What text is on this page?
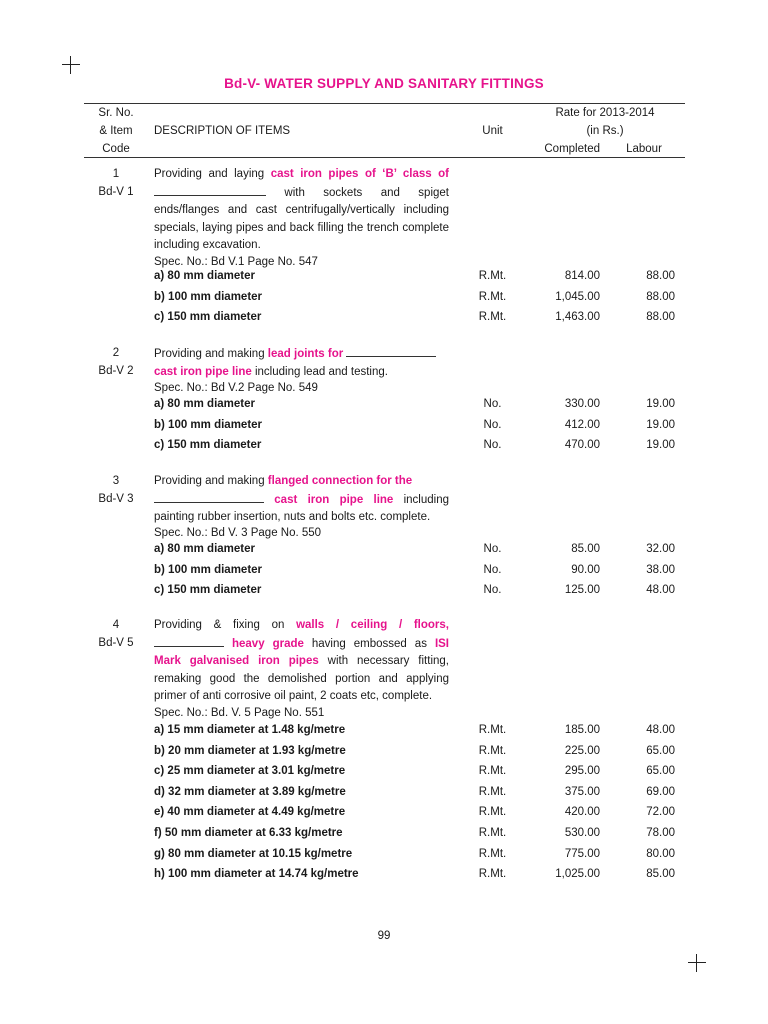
Bd-V- WATER SUPPLY AND SANITARY FITTINGS
Sr. No.
& Item
Code
DESCRIPTION OF ITEMS	Unit
Rate for 2013-2014
(in Rs.)
Completed	Labour
1
Bd-V 1
Providing and laying cast iron pipes of ‘B’ class of  with sockets and spiget ends/flanges and cast centrifugally/vertically including specials, laying pipes and back filling the trench complete including excavation.
Spec. No.: Bd V.1 Page No. 547
a) 80 mm diameter	R.Mt.	814.00	88.00
b) 100 mm diameter	R.Mt.	1,045.00	88.00
c) 150 mm diameter	R.Mt.	1,463.00	88.00
2
Bd-V 2
Providing and making lead joints for
cast iron pipe line including lead and testing.
Spec. No.: Bd V.2 Page No. 549
a) 80 mm diameter	No.	330.00	19.00
b) 100 mm diameter	No.	412.00	19.00
c) 150 mm diameter	No.	470.00	19.00
3
Bd-V 3
Providing and making flanged connection for the
cast iron pipe line including painting rubber insertion, nuts and bolts etc. complete.
Spec. No.: Bd V. 3 Page No. 550
a) 80 mm diameter	No.	85.00	32.00
b) 100 mm diameter	No.	90.00	38.00
c) 150 mm diameter	No.	125.00	48.00
4
Bd-V 5
Providing & fixing on walls / ceiling / floors, heavy grade having embossed as ISI Mark galvanised iron pipes with necessary fitting, remaking good the demolished portion and applying primer of anti corrosive oil paint, 2 coats etc, complete.
Spec. No.: Bd. V. 5 Page No. 551
a) 15 mm diameter at 1.48 kg/metre	R.Mt.	185.00	48.00
b) 20 mm diameter at 1.93 kg/metre	R.Mt.	225.00	65.00
c) 25 mm diameter at 3.01 kg/metre	R.Mt.	295.00	65.00
d) 32 mm diameter at 3.89 kg/metre	R.Mt.	375.00	69.00
e) 40 mm diameter at 4.49 kg/metre	R.Mt.	420.00	72.00
f) 50 mm diameter at 6.33 kg/metre	R.Mt.	530.00	78.00
g) 80 mm diameter at 10.15 kg/metre	R.Mt.	775.00	80.00
h) 100 mm diameter at 14.74 kg/metre	R.Mt.	1,025.00	85.00
99
